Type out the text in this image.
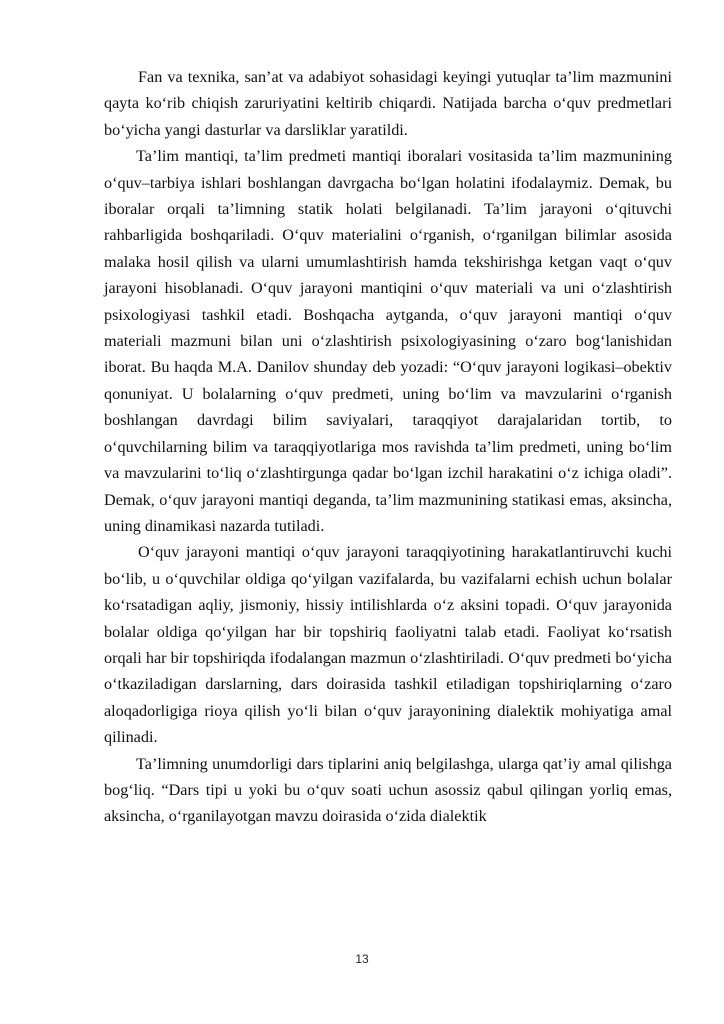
Fan va texnika, san’at va adabiyot sohasidagi keyingi yutuqlar ta’lim mazmunini qayta ko‘rib chiqish zaruriyatini keltirib chiqardi. Natijada barcha o‘quv predmetlari bo‘yicha yangi dasturlar va darsliklar yaratildi.

Ta’lim mantiqi, ta’lim predmeti mantiqi iboralari vositasida ta’lim mazmunining o‘quv–tarbiya ishlari boshlangan davrgacha bo‘lgan holatini ifodalaymiz. Demak, bu iboralar orqali ta’limning statik holati belgilanadi. Ta’lim jarayoni o‘qituvchi rahbarligida boshqariladi. O‘quv materialini o‘rganish, o‘rganilgan bilimlar asosida malaka hosil qilish va ularni umumlashtirish hamda tekshirishga ketgan vaqt o‘quv jarayoni hisoblanadi. O‘quv jarayoni mantiqini o‘quv materiali va uni o‘zlashtirish psixologiyasi tashkil etadi. Boshqacha aytganda, o‘quv jarayoni mantiqi o‘quv materiali mazmuni bilan uni o‘zlashtirish psixologiyasining o‘zaro bog‘lanishidan iborat. Bu haqda M.A. Danilov shunday deb yozadi: “O‘quv jarayoni logikasi–obektiv qonuniyat. U bolalarning o‘quv predmeti, uning bo‘lim va mavzularini o‘rganish boshlangan davrdagi bilim saviyalari, taraqqiyot darajalaridan tortib, to o‘quvchilarning bilim va taraqqiyotlariga mos ravishda ta’lim predmeti, uning bo‘lim va mavzularini to‘liq o‘zlashtirgunga qadar bo‘lgan izchil harakatini o‘z ichiga oladi”. Demak, o‘quv jarayoni mantiqi deganda, ta’lim mazmunining statikasi emas, aksincha, uning dinamikasi nazarda tutiladi.

O‘quv jarayoni mantiqi o‘quv jarayoni taraqqiyotining harakatlantiruvchi kuchi bo‘lib, u o‘quvchilar oldiga qo‘yilgan vazifalarda, bu vazifalarni echish uchun bolalar ko‘rsatadigan aqliy, jismoniy, hissiy intilishlarda o‘z aksini topadi. O‘quv jarayonida bolalar oldiga qo‘yilgan har bir topshiriq faoliyatni talab etadi. Faoliyat ko‘rsatish orqali har bir topshiriqda ifodalangan mazmun o‘zlashtiriladi. O‘quv predmeti bo‘yicha o‘tkaziladigan darslarning, dars doirasida tashkil etiladigan topshiriqlarning o‘zaro aloqadorligiga rioya qilish yo‘li bilan o‘quv jarayonining dialektik mohiyatiga amal qilinadi.

Ta’limning unumdorligi dars tiplarini aniq belgilashga, ularga qat’iy amal qilishga bog‘liq. “Dars tipi u yoki bu o‘quv soati uchun asossiz qabul qilingan yorliq emas, aksincha, o‘rganilayotgan mavzu doirasida o‘zida dialektik

13
